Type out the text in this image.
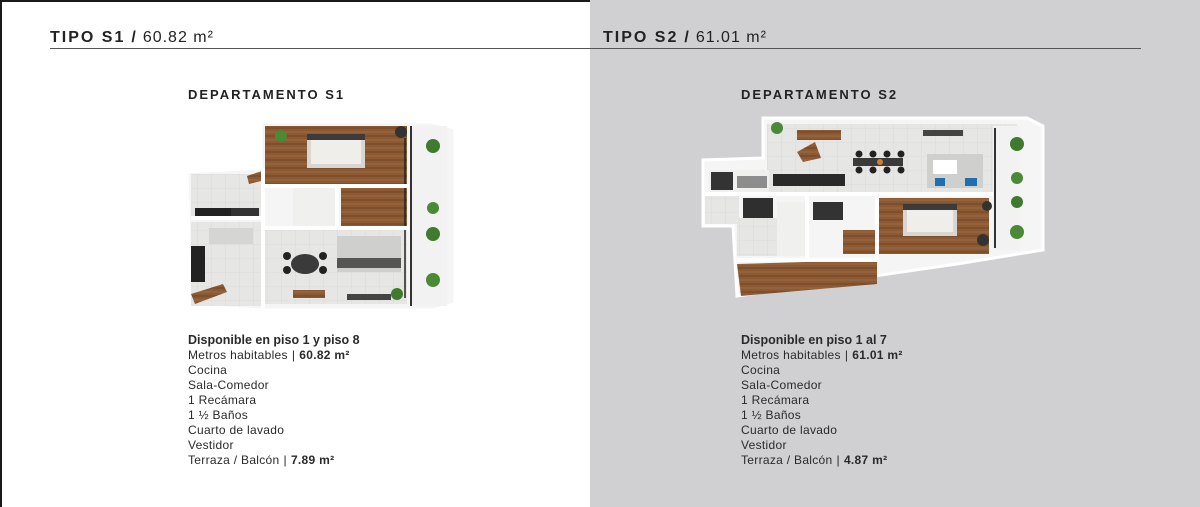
TIPO S1 / 60.82 m²	TIPO S2 / 61.01 m²
DEPARTAMENTO S1	DEPARTAMENTO S2
Disponible en piso 1 y piso 8
Metros habitables | 60.82 m²
Cocina
Sala-Comedor
1 Recámara
1 ½ Baños
Cuarto de lavado
Vestidor
Terraza / Balcón | 7.89 m²
Disponible en piso 1 al 7
Metros habitables | 61.01 m²
Cocina
Sala-Comedor
1 Recámara
1 ½ Baños
Cuarto de lavado
Vestidor
Terraza / Balcón | 4.87 m²
